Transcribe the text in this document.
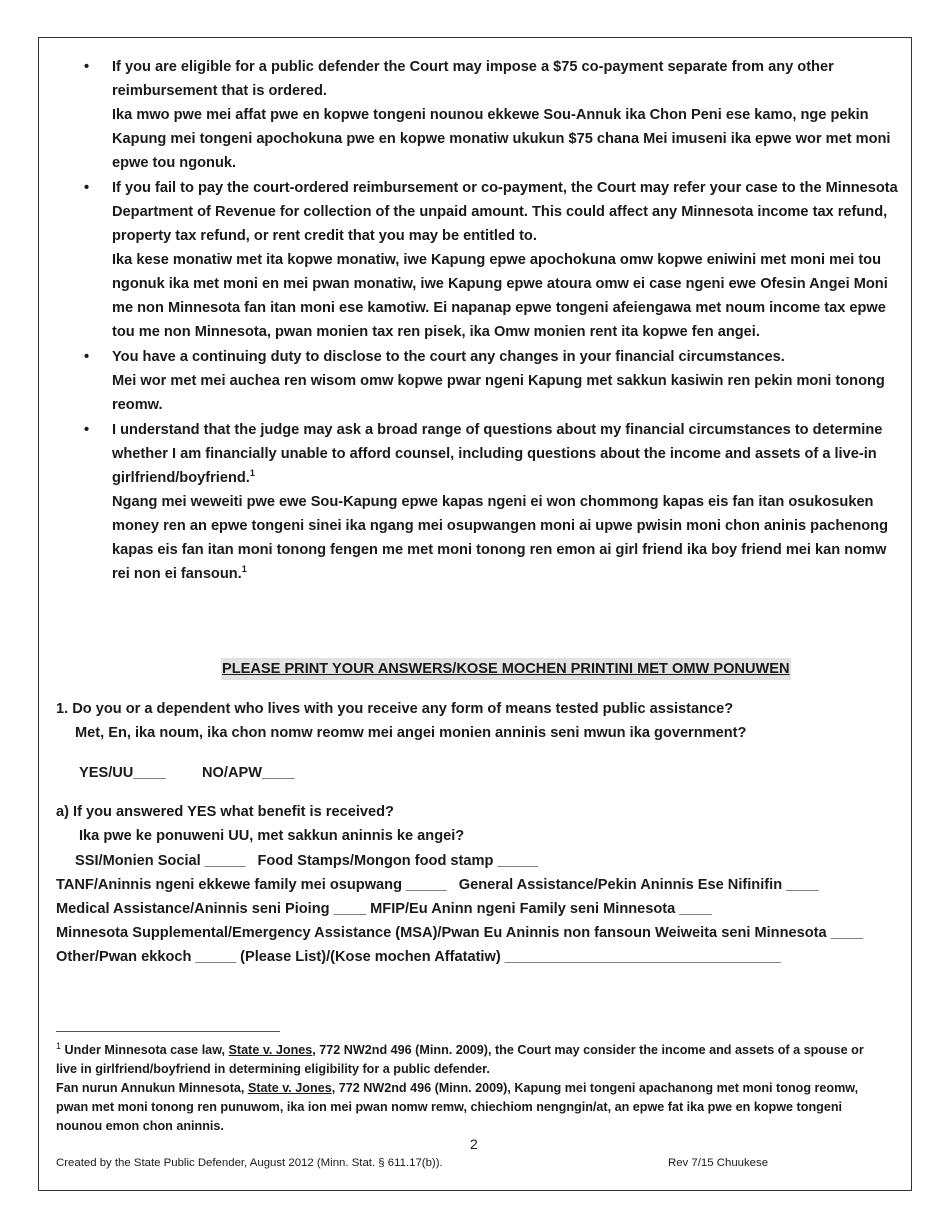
• If you are eligible for a public defender the Court may impose a $75 co-payment separate from any other reimbursement that is ordered.
Ika mwo pwe mei affat pwe en kopwe tongeni nounou ekkewe Sou-Annuk ika Chon Peni ese kamo, nge pekin Kapung mei tongeni apochokuna pwe en kopwe monatiw ukukun $75 chana Mei imuseni ika epwe wor met moni epwe tou ngonuk.
• If you fail to pay the court-ordered reimbursement or co-payment, the Court may refer your case to the Minnesota Department of Revenue for collection of the unpaid amount. This could affect any Minnesota income tax refund, property tax refund, or rent credit that you may be entitled to.
Ika kese monatiw met ita kopwe monatiw, iwe Kapung epwe apochokuna omw kopwe eniwini met moni mei tou ngonuk ika met moni en mei pwan monatiw, iwe Kapung epwe atoura omw ei case ngeni ewe Ofesin Angei Moni me non Minnesota fan itan moni ese kamotiw. Ei napanap epwe tongeni afeiengawa met noum income tax epwe tou me non Minnesota, pwan monien tax ren pisek, ika Omw monien rent ita kopwe fen angei.
• You have a continuing duty to disclose to the court any changes in your financial circumstances.
Mei wor met mei auchea ren wisom omw kopwe pwar ngeni Kapung met sakkun kasiwin ren pekin moni tonong reomw.
• I understand that the judge may ask a broad range of questions about my financial circumstances to determine whether I am financially unable to afford counsel, including questions about the income and assets of a live-in girlfriend/boyfriend.$^1$
Ngang mei weweiti pwe ewe Sou-Kapung epwe kapas ngeni ei won chommong kapas eis fan itan osukosuken money ren an epwe tongeni sinei ika ngang mei osupwangen moni ai upwe pwisin moni chon aninis pachenong kapas eis fan itan moni tonong fengen me met moni tonong ren emon ai girl friend ika boy friend mei kan nomw rei non ei fansoun.$^1$
PLEASE PRINT YOUR ANSWERS/KOSE MOCHEN PRINTINI MET OMW PONUWEN
1. Do you or a dependent who lives with you receive any form of means tested public assistance?
Met, En, ika noum, ika chon nomw reomw mei angei monien anninis seni mwun ika government?
YES/UU____ NO/APW____
a) If you answered YES what benefit is received?
Ika pwe ke ponuweni UU, met sakkun aninnis ke angei?
SSI/Monien Social _____   Food Stamps/Mongon food stamp _____
TANF/Aninnis ngeni ekkewe family mei osupwang _____   General Assistance/Pekin Aninnis Ese Nifinifin ____
Medical Assistance/Aninnis seni Pioing ____ MFIP/Eu Aninn ngeni Family seni Minnesota ____
Minnesota Supplemental/Emergency Assistance (MSA)/Pwan Eu Aninnis non fansoun Weiweita seni Minnesota ____
Other/Pwan ekkoch _____ (Please List)/(Kose mochen Affatatiw) __________________________________
$^1$ Under Minnesota case law, State v. Jones, 772 NW2nd 496 (Minn. 2009), the Court may consider the income and assets of a spouse or live in girlfriend/boyfriend in determining eligibility for a public defender.
Fan nurun Annukun Minnesota, State v. Jones, 772 NW2nd 496 (Minn. 2009), Kapung mei tongeni apachanong met moni tonog reomw, pwan met moni tonong ren punuwom, ika ion mei pwan nomw remw, chiechiom nengngin/at, an epwe fat ika pwe en kopwe tongeni nounou emon chon aninnis.
2
Created by the State Public Defender, August 2012 (Minn. Stat. § 611.17(b)).	Rev 7/15 Chuukese
